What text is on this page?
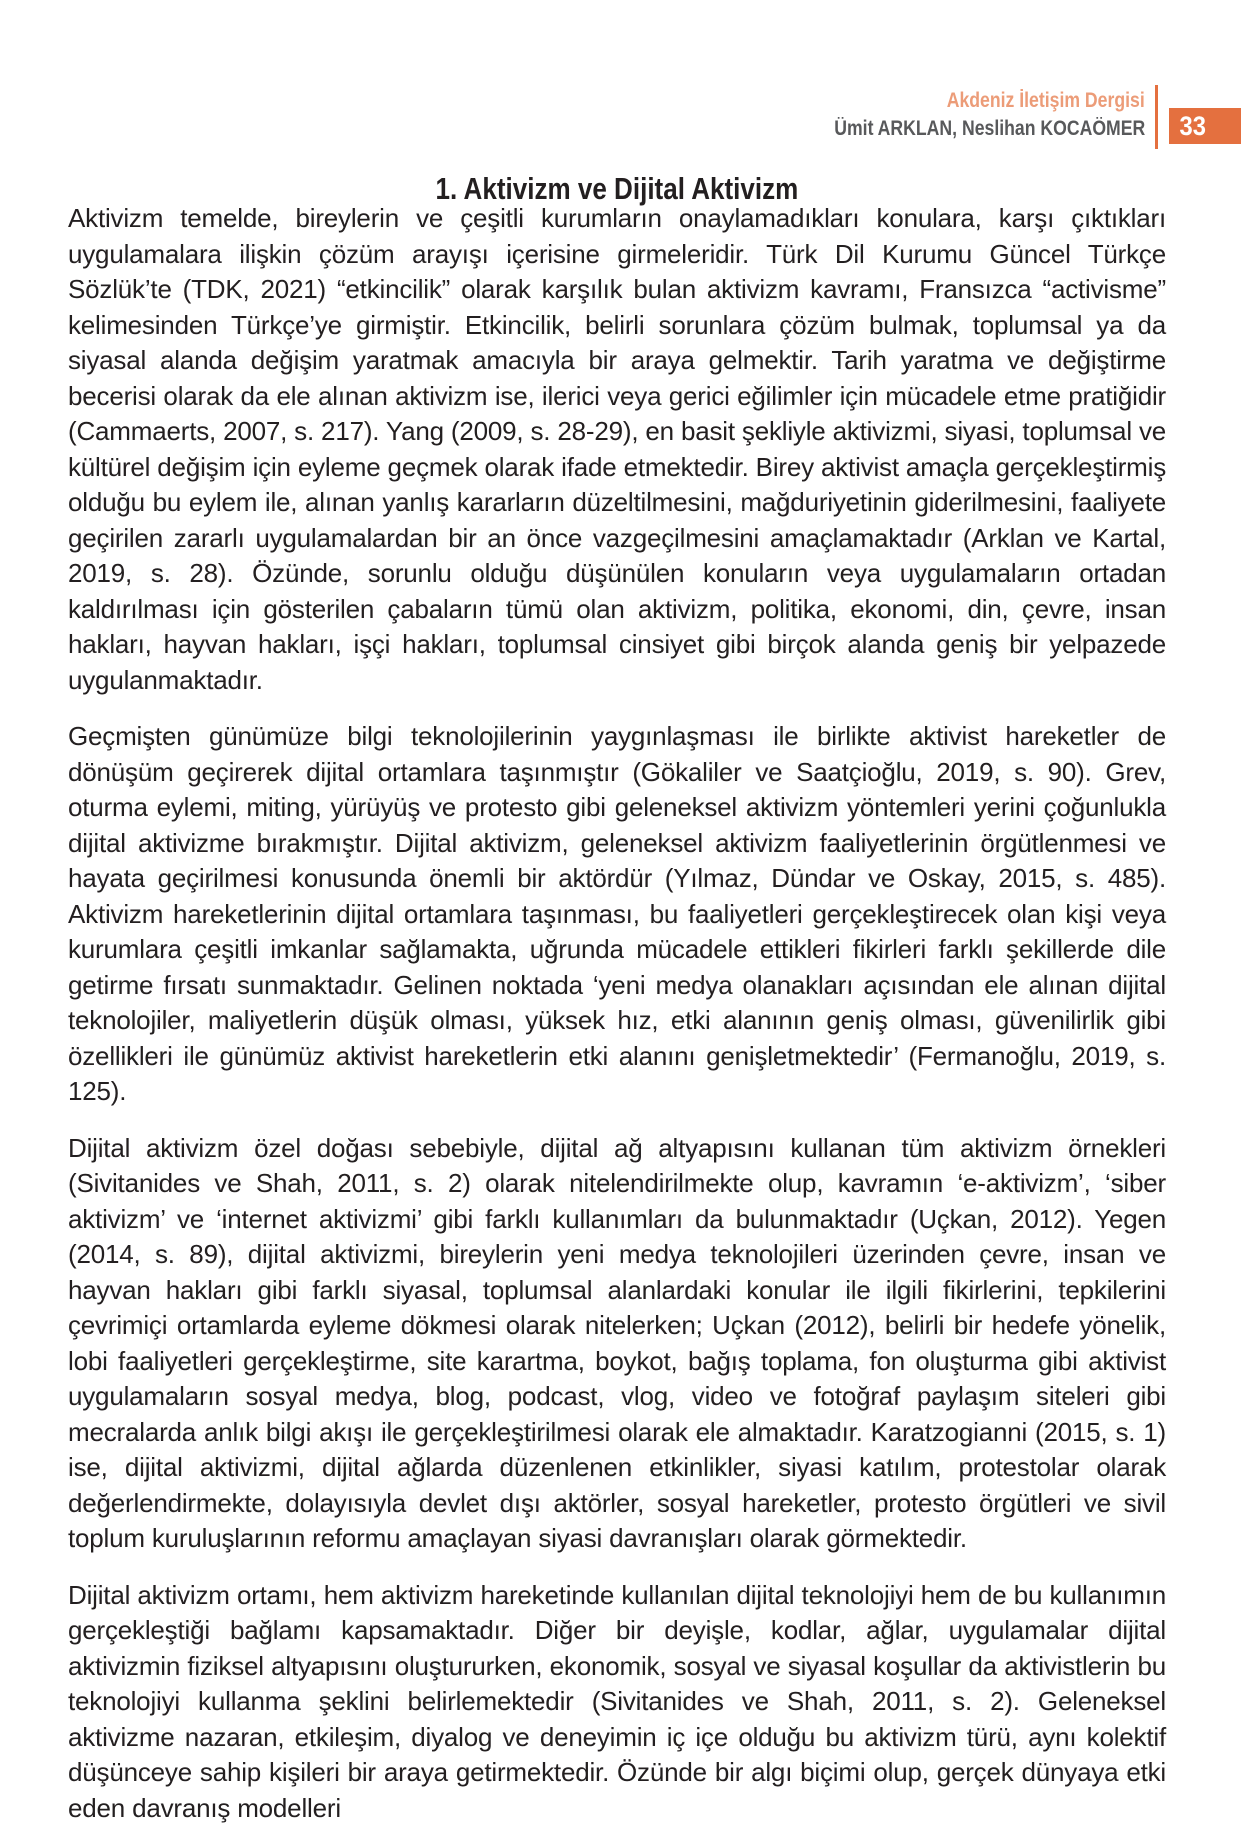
Akdeniz İletişim Dergisi
Ümit ARKLAN, Neslihan KOCAÖMER	33
1. Aktivizm ve Dijital Aktivizm

Aktivizm temelde, bireylerin ve çeşitli kurumların onaylamadıkları konulara, karşı çıktıkları uygulamalara ilişkin çözüm arayışı içerisine girmeleridir. Türk Dil Kurumu Güncel Türkçe Sözlük’te (TDK, 2021) “etkincilik” olarak karşılık bulan aktivizm kavramı, Fransızca “activisme” kelimesinden Türkçe’ye girmiştir. Etkincilik, belirli sorunlara çözüm bulmak, toplumsal ya da siyasal alanda değişim yaratmak amacıyla bir araya gelmektir. Tarih yaratma ve değiştirme becerisi olarak da ele alınan aktivizm ise, ilerici veya gerici eğilimler için mücadele etme pratiğidir (Cammaerts, 2007, s. 217). Yang (2009, s. 28-29), en basit şekliyle aktivizmi, siyasi, toplumsal ve kültürel değişim için eyleme geçmek olarak ifade etmektedir. Birey aktivist amaçla gerçekleştirmiş olduğu bu eylem ile, alınan yanlış kararların düzeltilmesini, mağduriyetinin giderilmesini, faaliyete geçirilen zararlı uygulamalardan bir an önce vazgeçilmesini amaçlamaktadır (Arklan ve Kartal, 2019, s. 28). Özünde, sorunlu olduğu düşünülen konuların veya uygulamaların ortadan kaldırılması için gösterilen çabaların tümü olan aktivizm, politika, ekonomi, din, çevre, insan hakları, hayvan hakları, işçi hakları, toplumsal cinsiyet gibi birçok alanda geniş bir yelpazede uygulanmaktadır.

Geçmişten günümüze bilgi teknolojilerinin yaygınlaşması ile birlikte aktivist hareketler de dönüşüm geçirerek dijital ortamlara taşınmıştır (Gökaliler ve Saatçioğlu, 2019, s. 90). Grev, oturma eylemi, miting, yürüyüş ve protesto gibi geleneksel aktivizm yöntemleri yerini çoğunlukla dijital aktivizme bırakmıştır. Dijital aktivizm, geleneksel aktivizm faaliyetlerinin örgütlenmesi ve hayata geçirilmesi konusunda önemli bir aktördür (Yılmaz, Dündar ve Oskay, 2015, s. 485). Aktivizm hareketlerinin dijital ortamlara taşınması, bu faaliyetleri gerçekleştirecek olan kişi veya kurumlara çeşitli imkanlar sağlamakta, uğrunda mücadele ettikleri fikirleri farklı şekillerde dile getirme fırsatı sunmaktadır. Gelinen noktada ‘yeni medya olanakları açısından ele alınan dijital teknolojiler, maliyetlerin düşük olması, yüksek hız, etki alanının geniş olması, güvenilirlik gibi özellikleri ile günümüz aktivist hareketlerin etki alanını genişletmektedir’ (Fermanoğlu, 2019, s. 125).

Dijital aktivizm özel doğası sebebiyle, dijital ağ altyapısını kullanan tüm aktivizm örnekleri (Sivitanides ve Shah, 2011, s. 2) olarak nitelendirilmekte olup, kavramın ‘e-aktivizm’, ‘siber aktivizm’ ve ‘internet aktivizmi’ gibi farklı kullanımları da bulunmaktadır (Uçkan, 2012). Yegen (2014, s. 89), dijital aktivizmi, bireylerin yeni medya teknolojileri üzerinden çevre, insan ve hayvan hakları gibi farklı siyasal, toplumsal alanlardaki konular ile ilgili fikirlerini, tepkilerini çevrimiçi ortamlarda eyleme dökmesi olarak nitelerken; Uçkan (2012), belirli bir hedefe yönelik, lobi faaliyetleri gerçekleştirme, site karartma, boykot, bağış toplama, fon oluşturma gibi aktivist uygulamaların sosyal medya, blog, podcast, vlog, video ve fotoğraf paylaşım siteleri gibi mecralarda anlık bilgi akışı ile gerçekleştirilmesi olarak ele almaktadır. Karatzogianni (2015, s. 1) ise, dijital aktivizmi, dijital ağlarda düzenlenen etkinlikler, siyasi katılım, protestolar olarak değerlendirmekte, dolayısıyla devlet dışı aktörler, sosyal hareketler, protesto örgütleri ve sivil toplum kuruluşlarının reformu amaçlayan siyasi davranışları olarak görmektedir.

Dijital aktivizm ortamı, hem aktivizm hareketinde kullanılan dijital teknolojiyi hem de bu kullanımın gerçekleştiği bağlamı kapsamaktadır. Diğer bir deyişle, kodlar, ağlar, uygulamalar dijital aktivizmin fiziksel altyapısını oluştururken, ekonomik, sosyal ve siyasal koşullar da aktivistlerin bu teknolojiyi kullanma şeklini belirlemektedir (Sivitanides ve Shah, 2011, s. 2). Geleneksel aktivizme nazaran, etkileşim, diyalog ve deneyimin iç içe olduğu bu aktivizm türü, aynı kolektif düşünceye sahip kişileri bir araya getirmektedir. Özünde bir algı biçimi olup, gerçek dünyaya etki eden davranış modelleri
